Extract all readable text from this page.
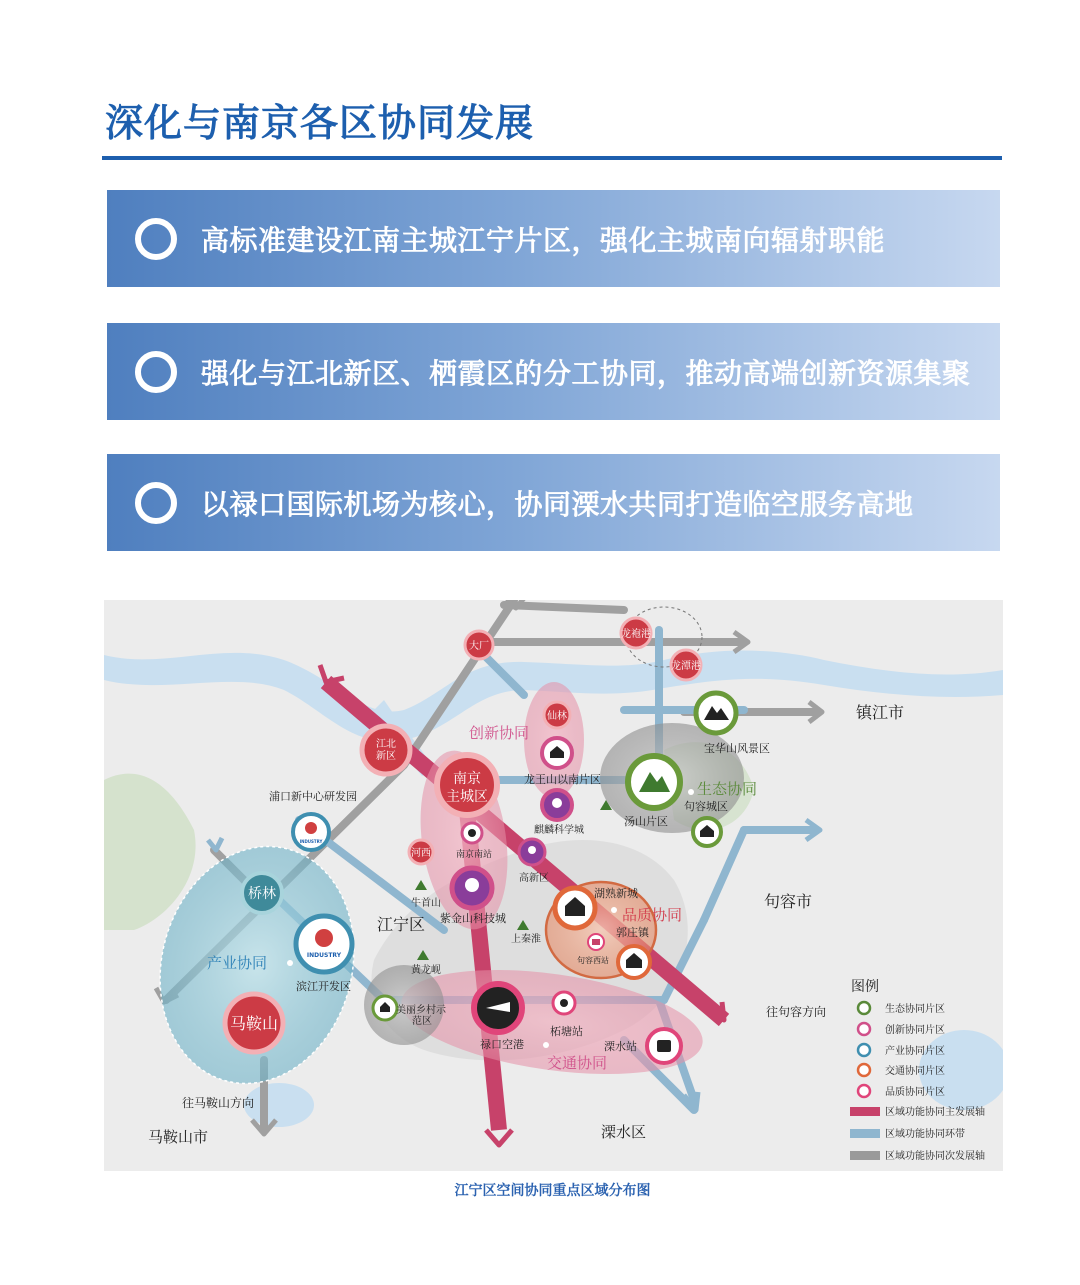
深化与南京各区协同发展
高标准建设江南主城江宁片区，强化主城南向辐射职能
强化与江北新区、栖霞区的分工协同，推动高端创新资源集聚
以禄口国际机场为核心，协同溧水共同打造临空服务高地
INDUSTRY
INDUSTRY
大厂
龙袍港
龙潭港
镇江市
仙林
宝华山风景区
江北
新区
南京
主城区
龙王山以南片区
浦口新中心研发园
麒麟科学城
汤山片区
句容城区
南京南站
河西
高新区
桥林
牛首山
江宁区 紫金山科技城
湖熟新城
郭庄镇
上秦淮
句容市
句容西站
滨江开发区
黄龙岘
马鞍山
美丽乡村示
范区
禄口空港
柘塘站
溧水站
往句容方向
往马鞍山方向
马鞍山市	溧水区
创新协同
生态协同
品质协同
产业协同
交通协同
图例
生态协同片区
创新协同片区
产业协同片区
交通协同片区
品质协同片区
区域功能协同主发展轴
区域功能协同环带
区域功能协同次发展轴
江宁区空间协同重点区域分布图
